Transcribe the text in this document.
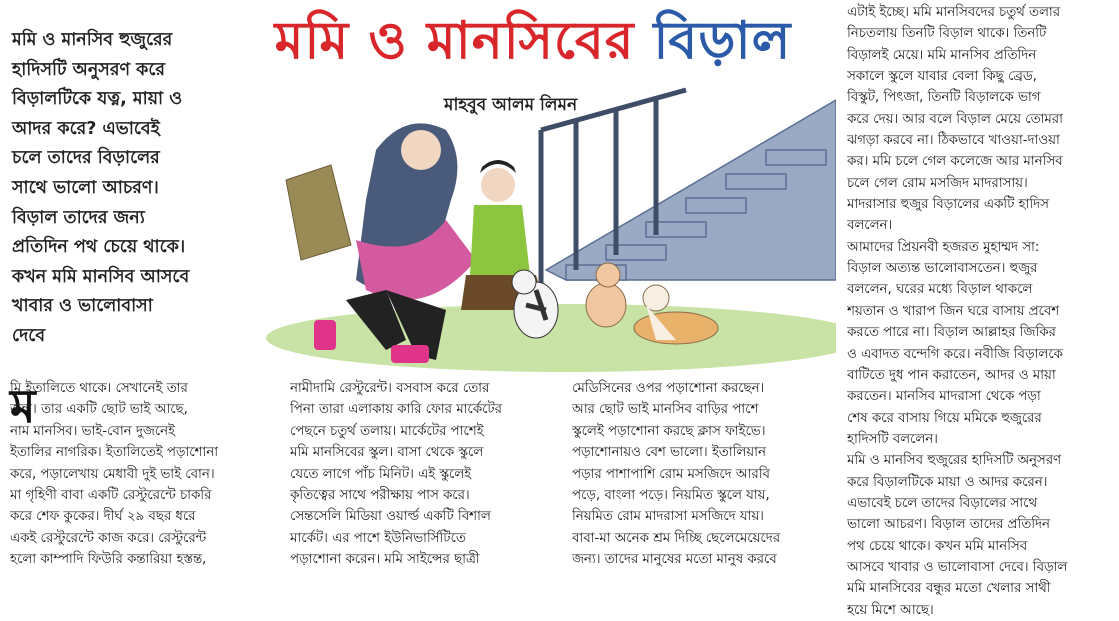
মমি ও মানসিবের বিড়াল
মাহবুব আলম লিমন
মমি ও মানসিব হুজুরের
হাদিসটি অনুসরণ করে
বিড়ালটিকে যত্ন, মায়া ও
আদর করে? এভাবেই
চলে তাদের বিড়ালের
সাথে ভালো আচরণ।
বিড়াল তাদের জন্য
প্রতিদিন পথ চেয়ে থাকে।
কখন মমি মানসিব আসবে
খাবার ও ভালোবাসা
দেবে
ম
মি ইতালিতে থাকে। সেখানেই তার
জন্ম। তার একটি ছোট ভাই আছে,
নাম মানসিব। ভাই-বোন দুজনেই
ইতালির নাগরিক। ইতালিতেই পড়াশোনা
করে, পড়ালেখায় মেধাবী দুই ভাই বোন।
মা গৃহিণী বাবা একটি রেস্টুরেন্টে চাকরি
করে শেফ কুকের। দীর্ঘ ২৯ বছর ধরে
একই রেস্টুরেন্টে কাজ করে। রেস্টুরেন্ট
হলো কাম্পাদি ফিউরি কন্তারিয়া হস্তন্ত,
নামীদামি রেস্টুরেন্ট। বসবাস করে তোর
পিনা তারা এলাকায় কারি ফোর মার্কেটের
পেছনে চতুর্থ তলায়। মার্কেটের পাশেই
মমি মানসিবের স্কুল। বাসা থেকে স্কুলে
যেতে লাগে পাঁচ মিনিট। এই স্কুলেই
কৃতিত্বের সাথে পরীক্ষায় পাস করে।
সেন্তসেলি মিডিয়া ওয়ার্ল্ড একটি বিশাল
মার্কেট। এর পাশে ইউনিভার্সিটিতে
পড়াশোনা করেন। মমি সাইন্সের ছাত্রী
মেডিসিনের ওপর পড়াশোনা করছেন।
আর ছোট ভাই মানসিব বাড়ির পাশে
স্কুলেই পড়াশোনা করছে ক্লাস ফাইভে।
পড়াশোনায়ও বেশ ভালো। ইতালিয়ান
পড়ার পাশাপাশি রোম মসজিদে আরবি
পড়ে, বাংলা পড়ে। নিয়মিত স্কুলে যায়,
নিয়মিত রোম মাদরাসা মসজিদে যায়।
বাবা-মা অনেক শ্রম দিচ্ছি ছেলেমেয়েদের
জন্য। তাদের মানুষের মতো মানুষ করবে
এটাই ইচ্ছে। মমি মানসিবদের চতুর্থ তলার
নিচতলায় তিনটি বিড়াল থাকে। তিনটি
বিড়ালই মেয়ে। মমি মানসিব প্রতিদিন
সকালে স্কুলে যাবার বেলা কিছু ব্রেড,
বিস্কুট, পিৎজা, তিনটি বিড়ালকে ভাগ
করে দেয়। আর বলে বিড়াল মেয়ে তোমরা
ঝগড়া করবে না। ঠিকভাবে খাওয়া-দাওয়া
কর। মমি চলে গেল কলেজে আর মানসিব
চলে গেল রোম মসজিদ মাদরাসায়।
মাদরাসার হুজুর বিড়ালের একটি হাদিস
বললেন।
আমাদের প্রিয়নবী হজরত মুহাম্মদ সা:
বিড়াল অত্যন্ত ভালোবাসতেন। হুজুর
বললেন, ঘরের মধ্যে বিড়াল থাকলে
শয়তান ও খারাপ জিন ঘরে বাসায় প্রবেশ
করতে পারে না। বিড়াল আল্লাহর জিকির
ও এবাদত বন্দেগি করে। নবীজি বিড়ালকে
বাটিতে দুধ পান করাতেন, আদর ও মায়া
করতেন। মানসিব মাদরাসা থেকে পড়া
শেষ করে বাসায় গিয়ে মমিকে হুজুরের
হাদিসটি বললেন।
মমি ও মানসিব হুজুরের হাদিসটি অনুসরণ
করে বিড়ালটিকে মায়া ও আদর করেন।
এভাবেই চলে তাদের বিড়ালের সাথে
ভালো আচরণ। বিড়াল তাদের প্রতিদিন
পথ চেয়ে থাকে। কখন মমি মানসিব
আসবে খাবার ও ভালোবাসা দেবে। বিড়াল
মমি মানসিবের বন্ধুর মতো খেলার সাথী
হয়ে মিশে আছে।
